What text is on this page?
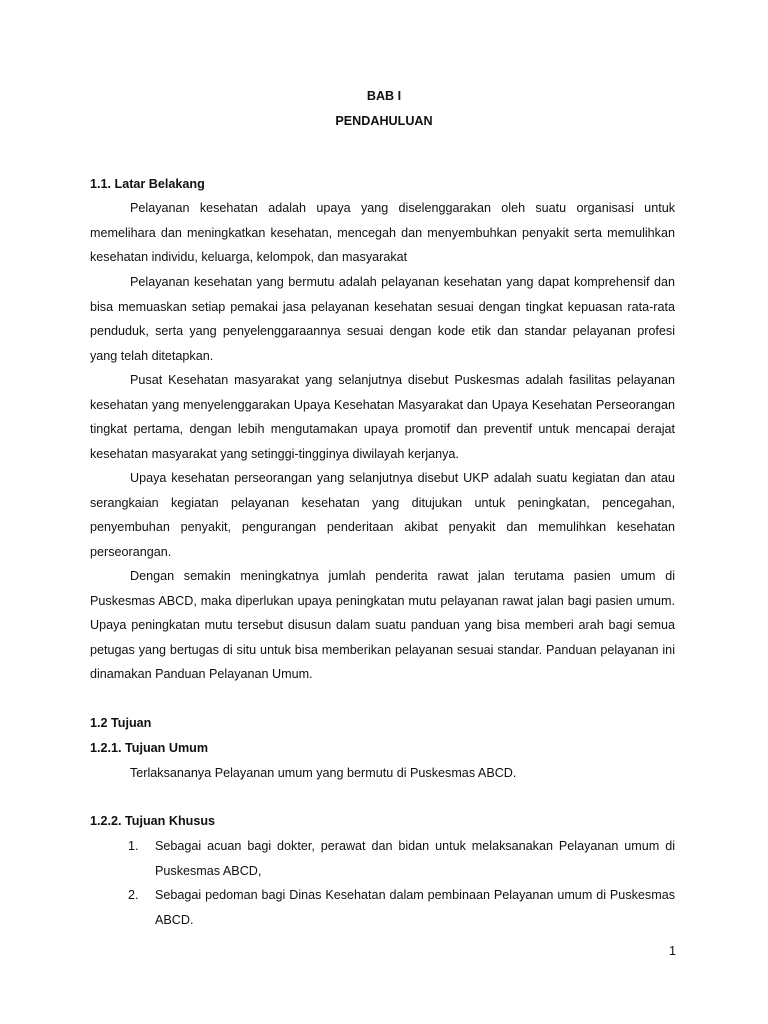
BAB I

PENDAHULUAN

1.1. Latar Belakang

Pelayanan kesehatan adalah upaya yang diselenggarakan oleh suatu organisasi untuk memelihara dan meningkatkan kesehatan, mencegah dan menyembuhkan penyakit serta memulihkan kesehatan individu, keluarga, kelompok, dan masyarakat

Pelayanan kesehatan yang bermutu adalah pelayanan kesehatan yang dapat komprehensif dan bisa memuaskan setiap pemakai jasa pelayanan kesehatan sesuai dengan tingkat kepuasan rata-rata penduduk, serta yang penyelenggaraannya sesuai dengan kode etik dan standar pelayanan profesi yang telah ditetapkan.

Pusat Kesehatan masyarakat yang selanjutnya disebut Puskesmas adalah fasilitas pelayanan kesehatan yang menyelenggarakan Upaya Kesehatan Masyarakat dan Upaya Kesehatan Perseorangan tingkat pertama, dengan lebih mengutamakan upaya promotif dan preventif untuk mencapai derajat kesehatan masyarakat yang setinggi-tingginya diwilayah kerjanya.

Upaya kesehatan perseorangan yang selanjutnya disebut UKP adalah suatu kegiatan dan atau serangkaian kegiatan pelayanan kesehatan yang ditujukan untuk peningkatan, pencegahan, penyembuhan penyakit, pengurangan penderitaan akibat penyakit dan memulihkan kesehatan perseorangan.

Dengan semakin meningkatnya jumlah penderita rawat jalan terutama pasien umum di Puskesmas ABCD, maka diperlukan upaya peningkatan mutu pelayanan rawat jalan bagi pasien umum. Upaya peningkatan mutu tersebut disusun dalam suatu panduan yang bisa memberi arah bagi semua petugas yang bertugas di situ untuk bisa memberikan pelayanan sesuai standar. Panduan pelayanan ini dinamakan Panduan Pelayanan Umum.

1.2 Tujuan

1.2.1. Tujuan Umum

Terlaksananya Pelayanan umum yang bermutu di Puskesmas ABCD.

1.2.2. Tujuan Khusus

1. Sebagai acuan bagi dokter, perawat dan bidan untuk melaksanakan Pelayanan umum di Puskesmas ABCD,
2. Sebagai pedoman bagi Dinas Kesehatan dalam pembinaan Pelayanan umum di Puskesmas ABCD.
1
